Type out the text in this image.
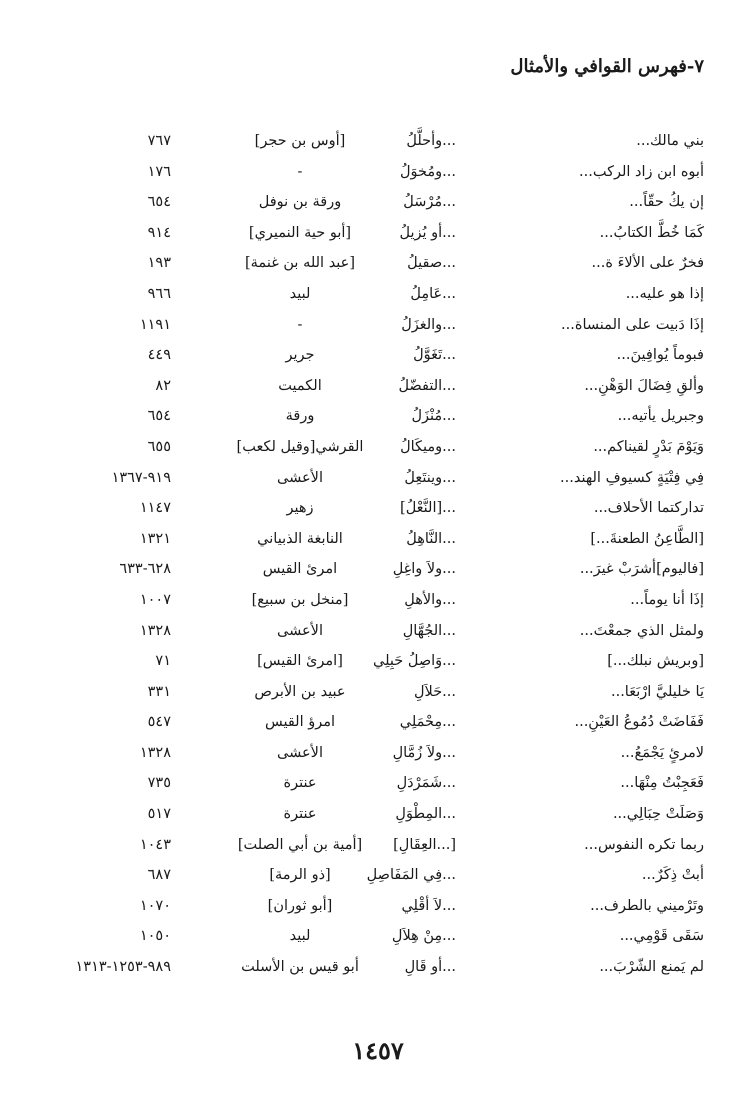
٧-فهرس القوافي والأمثال
بني مالك...
...وأحلَّلُ
[أوس بن حجر]
٧٦٧
أبوه ابن زاد الركب...
...ومُخوَلُ
-
١٧٦
إن يكُ حقّاً...
...مُرْسَلُ
ورقة بن نوفل
٦٥٤
كَمَا خُطَّ الكتابُ...
...أو يُزيلُ
[أبو حية النميري]
٩١٤
فخرٌ على الألاءَ ة...
...صقيلُ
[عبد الله بن غنمة]
١٩٣
إذا هو عليه...
...عَامِلُ
لبيد
٩٦٦
إذَا دَبيت على المنساة...
...والغزَلُ
-
١١٩١
فبوماً يُوافِينَ...
...تَغَوَّلُ
جرير
٤٤٩
وألقِ فِضَالَ الوَهْنِ...
...التفضّلُ
الكميت
٨٢
وجبريل يأتيه...
...مُنْزَلُ
ورقة
٦٥٤
وَيَوْمَ بَدْرٍ لقيناكم...
...وميكَالُ
القرشي[وقيل لكعب]
٦٥٥
فِي فِتْيَةٍ كسيوفِ الهند...
...وينتَعِلُ
الأعشى
٩١٩-١٣٦٧
تداركتما الأحلاف...
...[النَّعْلُ]
زهير
١١٤٧
[الطَّاعِنُ الطعنةَ...]
...النَّاهِلُ
النابغة الذبياني
١٣٢١
[فاليوم]أشرَبْ غيرَ...
...ولاَ واغِلِ
امرئ القيس
٦٢٨-٦٣٣
إذَا أنا يوماً...
...والأهلِ
[منخل بن سبيع]
١٠٠٧
ولمثل الذي جمعْتَ...
...الجُهَّالِ
الأعشى
١٣٢٨
[وبريش نبلك...]
...وَاصِلُ حَبِلِي
[امرئ القيس]
٧١
يَا خليليَّ ارْبَعَا...
...حَلاَلِ
عبيد بن الأبرص
٣٣١
فَفَاضَتْ دُمُوعُ العَيْنِ...
...مِحْمَلِي
امرؤ القيس
٥٤٧
لامرئٍ يَجْمَعُ...
...ولاَ زُمَّالِ
الأعشى
١٣٢٨
فَعَجِبْتُ مِنْهَا...
...شَمَرْدَلِ
عنترة
٧٣٥
وَصَلَتْ حِبَالِي...
...المِطْوَلِ
عنترة
٥١٧
ربما تكره النفوس...
[...العِقَالِ]
[أمية بن أبي الصلت]
١٠٤٣
أبتْ ذِكَرٌ...
...فِي المَفَاصِلِ
[ذو الرمة]
٦٨٧
وتَرْميني بالطرف...
...لاَ أقْلِي
[أبو ثوران]
١٠٧٠
سَقَى قَوْمِي...
...مِنْ هِلاَلِ
لبيد
١٠٥٠
لم يَمنع الشّرْبَ...
...أو قَالِ
أبو قيس بن الأسلت
٩٨٩-١٢٥٣-١٣١٣
١٤٥٧
